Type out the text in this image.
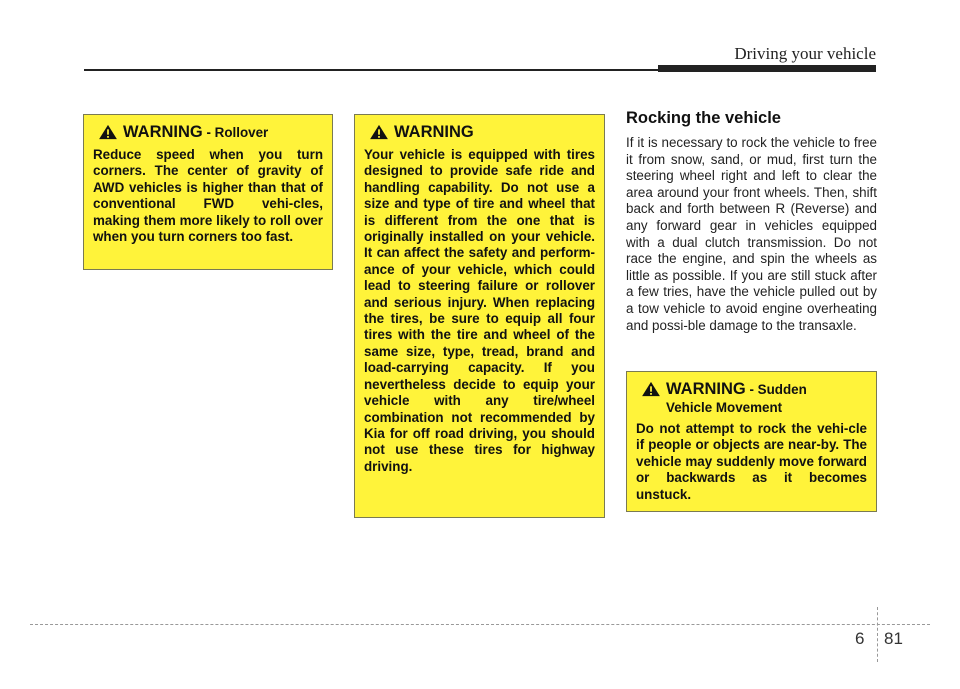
Driving your vehicle
WARNING - Rollover
Reduce speed when you turn corners. The center of gravity of AWD vehicles is higher than that of conventional FWD vehi-cles, making them more likely to roll over when you turn corners too fast.
WARNING
Your vehicle is equipped with tires designed to provide safe ride and handling capability. Do not use a size and type of tire and wheel that is different from the one that is originally installed on your vehicle. It can affect the safety and perform-ance of your vehicle, which could lead to steering failure or rollover and serious injury. When replacing the tires, be sure to equip all four tires with the tire and wheel of the same size, type, tread, brand and load-carrying capacity. If you nevertheless decide to equip your vehicle with any tire/wheel combination not recommended by Kia for off road driving, you should not use these tires for highway driving.
Rocking the vehicle

If it is necessary to rock the vehicle to free it from snow, sand, or mud, first turn the steering wheel right and left to clear the area around your front wheels. Then, shift back and forth between R (Reverse) and any forward gear in vehicles equipped with a dual clutch transmission. Do not race the engine, and spin the wheels as little as possible. If you are still stuck after a few tries, have the vehicle pulled out by a tow vehicle to avoid engine overheating and possi-ble damage to the transaxle.

WARNING - Sudden
Vehicle Movement
Do not attempt to rock the vehi-cle if people or objects are near-by. The vehicle may suddenly move forward or backwards as it becomes unstuck.
6 81
